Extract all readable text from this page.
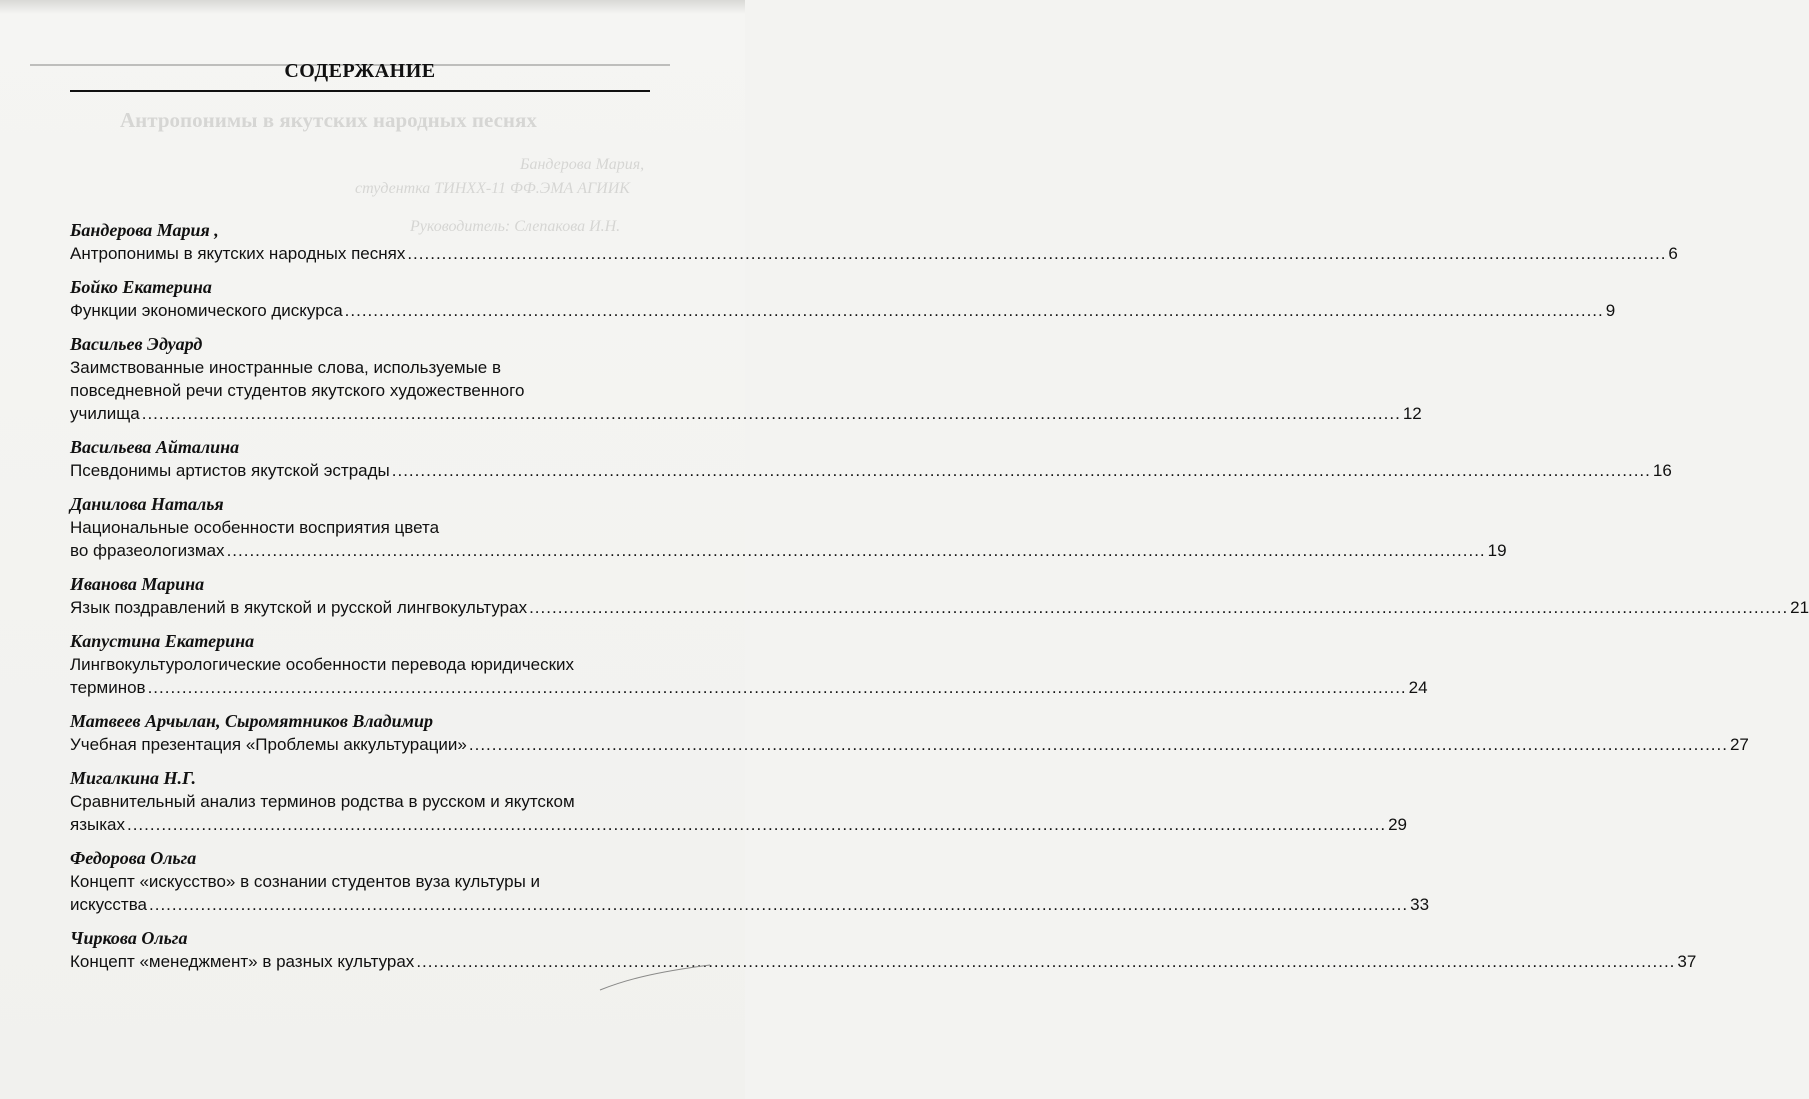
Антропонимы в якутских народных песнях
Бандерова Мария,
студентка ТИНХХ-11 ФФ.ЭМА АГИИК
Руководитель: Слепакова И.Н.
СОДЕРЖАНИЕ
Бандерова Мария ,
Антропонимы в якутских народных песнях ............................................................................................................................................................................................................................ 6
Бойко Екатерина
Функции экономического дискурса ............................................................................................................................................................................................................................ 9
Васильев Эдуард
Заимствованные иностранные слова, используемые в
повседневной речи студентов якутского художественного
училища ............................................................................................................................................................................................................................ 12
Васильева Айталина
Псевдонимы артистов якутской эстрады ............................................................................................................................................................................................................................ 16
Данилова Наталья
Национальные особенности восприятия цвета
во фразеологизмах ............................................................................................................................................................................................................................ 19
Иванова Марина
Язык поздравлений в якутской и русской лингвокультурах ............................................................................................................................................................................................................................ 21
Капустина Екатерина
Лингвокультурологические особенности перевода юридических
терминов ............................................................................................................................................................................................................................ 24
Матвеев Арчылан, Сыромятников Владимир
Учебная презентация «Проблемы аккультурации» ............................................................................................................................................................................................................................ 27
Мигалкина Н.Г.
Сравнительный анализ терминов родства в русском и якутском
языках ............................................................................................................................................................................................................................ 29
Федорова Ольга
Концепт «искусство» в сознании студентов вуза культуры и
искусства ............................................................................................................................................................................................................................ 33
Чиркова Ольга
Концепт «менеджмент» в разных культурах ............................................................................................................................................................................................................................ 37
